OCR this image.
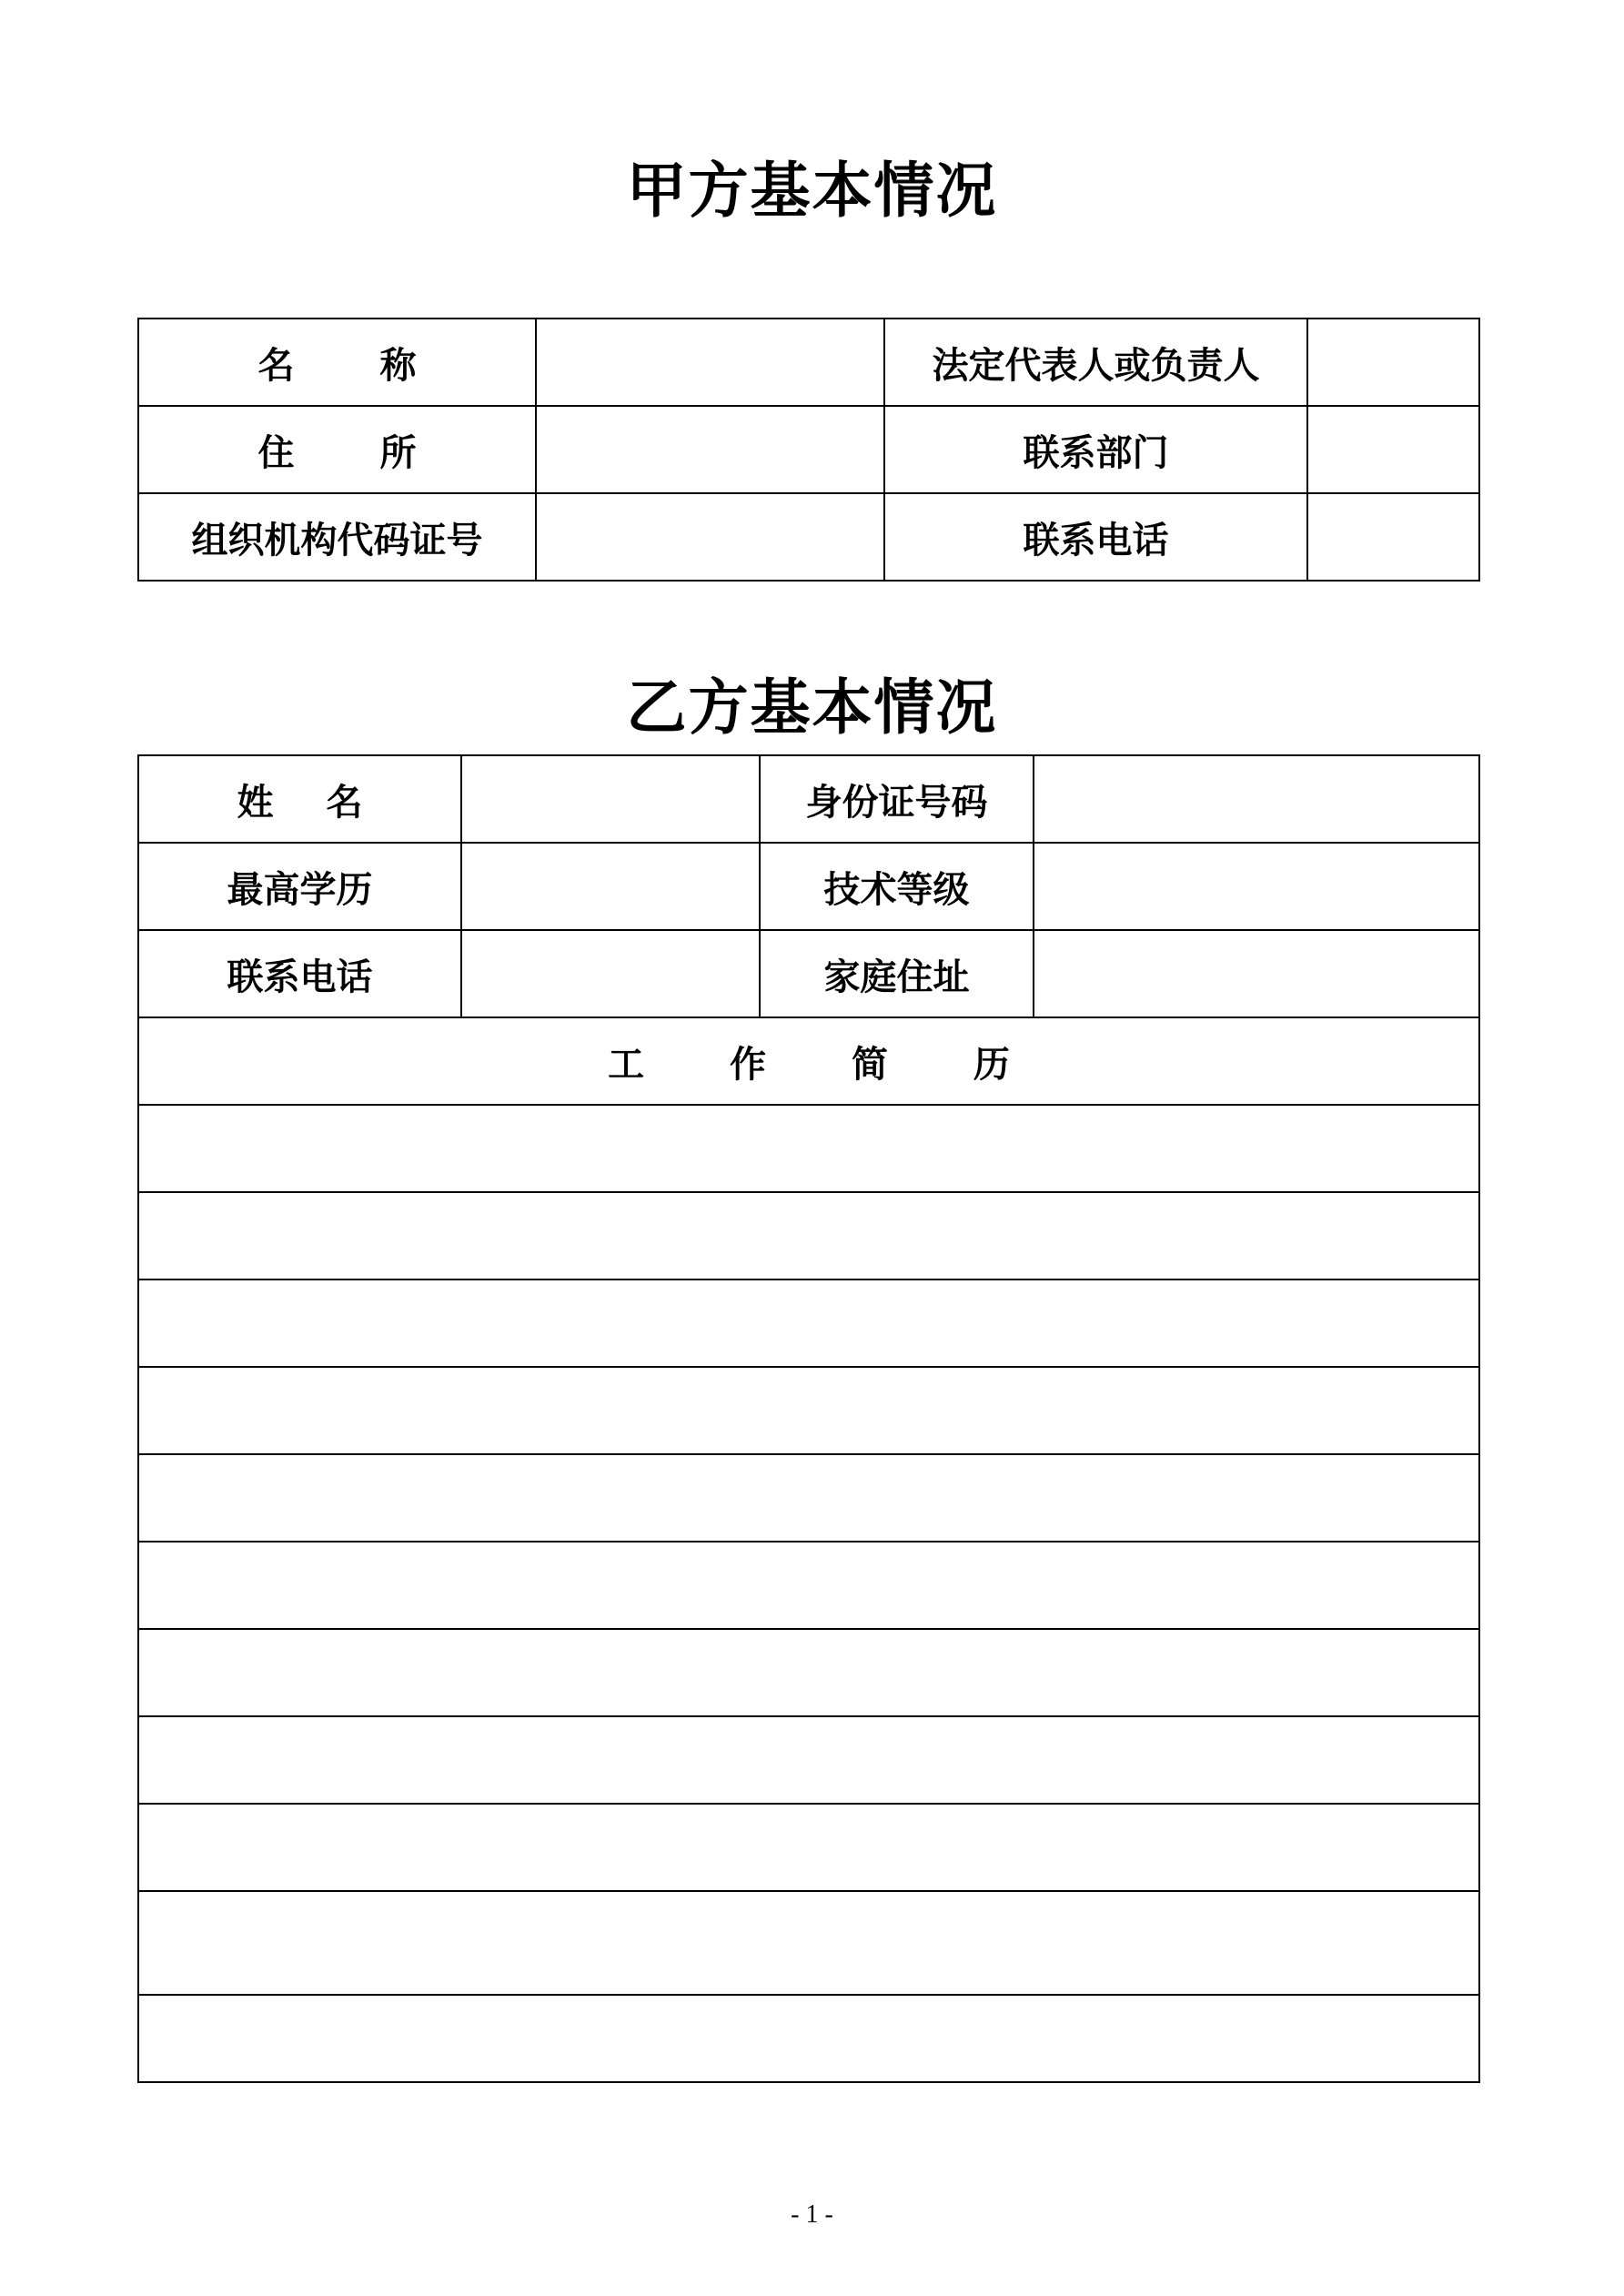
甲方基本情况
名 称		法定代表人或负责人	
住 所		联系部门	
组织机构代码证号		联系电话	
乙方基本情况
姓 名		身份证号码	
最高学历		技术等级	
联系电话		家庭住址	
工 作 简 历			

- 1 -
